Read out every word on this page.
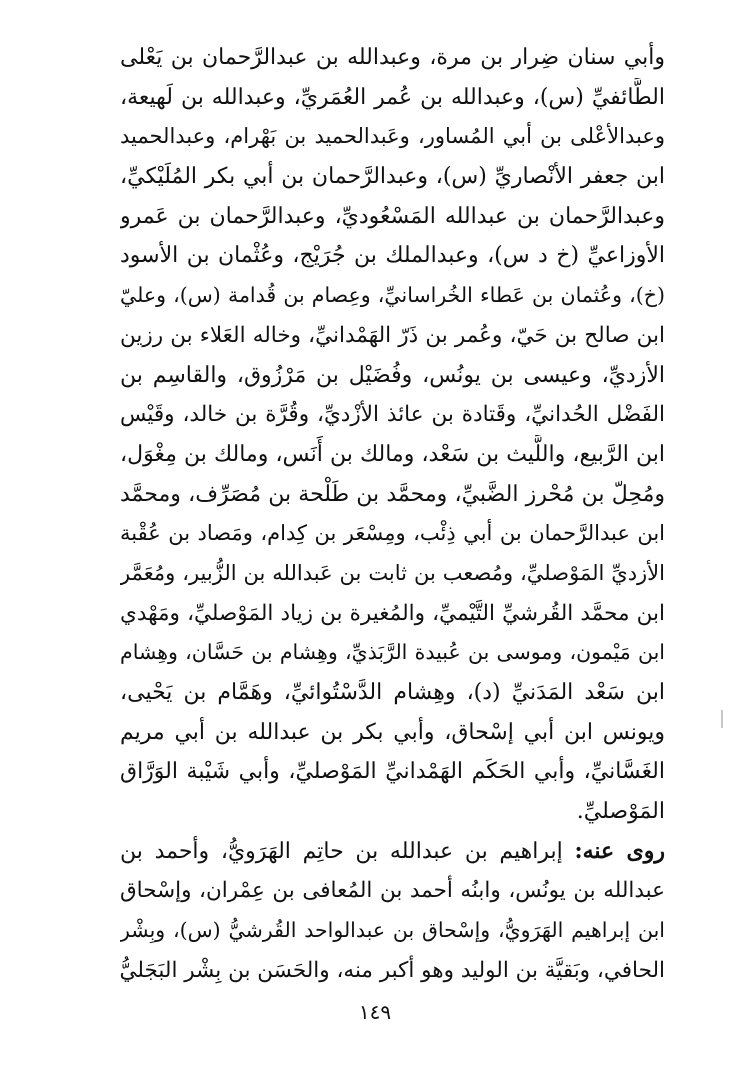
وأبي سنان ضِرار بن مرة، وعبدالله بن عبدالرَّحمان بن يَعْلى
الطَّائفيِّ (س)، وعبدالله بن عُمر العُمَريِّ، وعبدالله بن لَهيعة،
وعبدالأعْلى بن أبي المُساور، وعَبدالحميد بن بَهْرام، وعبدالحميد
ابن جعفر الأنْصاريِّ (س)، وعبدالرَّحمان بن أبي بكر المُلَيْكيِّ،
وعبدالرَّحمان بن عبدالله المَسْعُوديِّ، وعبدالرَّحمان بن عَمرو
الأوزاعيِّ (خ د س)، وعبدالملك بن جُرَيْج، وعُثْمان بن الأسود
(خ)، وعُثمان بن عَطاء الخُراسانيِّ، وعِصام بن قُدامة (س)، وعليّ
ابن صالح بن حَيّ، وعُمر بن ذَرّ الهَمْدانيِّ، وخاله العَلاء بن رزين
الأزديِّ، وعيسى بن يونُس، وفُضَيْل بن مَرْزُوق، والقاسِم بن
الفَضْل الحُدانيِّ، وقَتادة بن عائذ الأزْديِّ، وقُرَّة بن خالد، وقَيْس
ابن الرَّبيع، واللَّيث بن سَعْد، ومالك بن أَنَس، ومالك بن مِغْوَل،
ومُحِلّ بن مُحْرز الضَّبيِّ، ومحمَّد بن طَلْحة بن مُصَرِّف، ومحمَّد
ابن عبدالرَّحمان بن أبي ذِئْب، ومِسْعَر بن كِدام، ومَصاد بن عُقْبة
الأزديِّ المَوْصليِّ، ومُصعب بن ثابت بن عَبدالله بن الزُّبير، ومُعَمَّر
ابن محمَّد القُرشيِّ التَّيْميِّ، والمُغيرة بن زياد المَوْصليِّ، ومَهْدي
ابن مَيْمون، وموسى بن عُبيدة الرَّبَذيِّ، وهِشام بن حَسَّان، وهِشام
ابن سَعْد المَدَنيِّ (د)، وهِشام الدَّسْتُوائيِّ، وهَمَّام بن يَحْيى،
ويونس ابن أبي إسْحاق، وأبي بكر بن عبدالله بن أبي مريم
الغَسَّانيِّ، وأبي الحَكَم الهَمْدانيِّ المَوْصليِّ، وأبي شَيْبة الوَرَّاق
المَوْصليِّ.
روى عنه: إبراهيم بن عبدالله بن حاتِم الهَرَويُّ، وأحمد بن
عبدالله بن يونُس، وابنُه أحمد بن المُعافى بن عِمْران، وإسْحاق
ابن إبراهيم الهَرَويُّ، وإسْحاق بن عبدالواحد القُرشيُّ (س)، وبِشْر
الحافي، وبَقيَّة بن الوليد وهو أكبر منه، والحَسَن بن بِشْر البَجَليُّ
١٤٩
